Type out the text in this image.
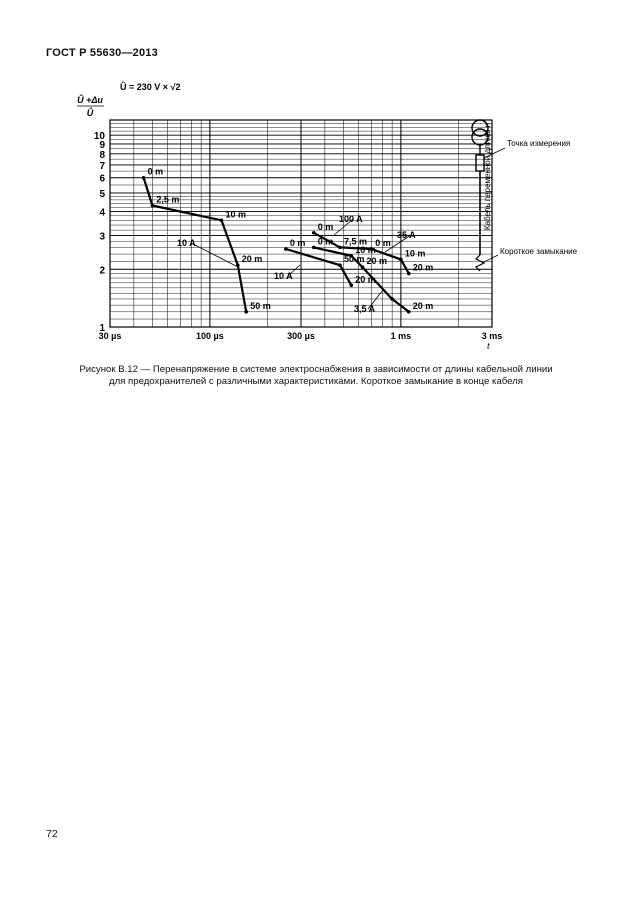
ГОСТ Р 55630—2013
1
2
3
4
5
6
7
8
9
10
30 µs	100 µs	300 µs	1 ms	3 ms
Û = 230 V × √2
Û +Δu
Û
t
0 m
2,5 m
10 m
20 m
50 m
0 m
10 m
20 m
20 m
0 m
7,5 m 0 m
10 m
20 m
0 m
50 m
20 m
10 A
100 A
35 A
10 A
3,5 A
Точка измерения
Кабель переменной длины n
Короткое замыкание
Рисунок В.12 — Перенапряжение в системе электроснабжения в зависимости от длины кабельной линии
для предохранителей с различными характеристиками. Короткое замыкание в конце кабеля
72
